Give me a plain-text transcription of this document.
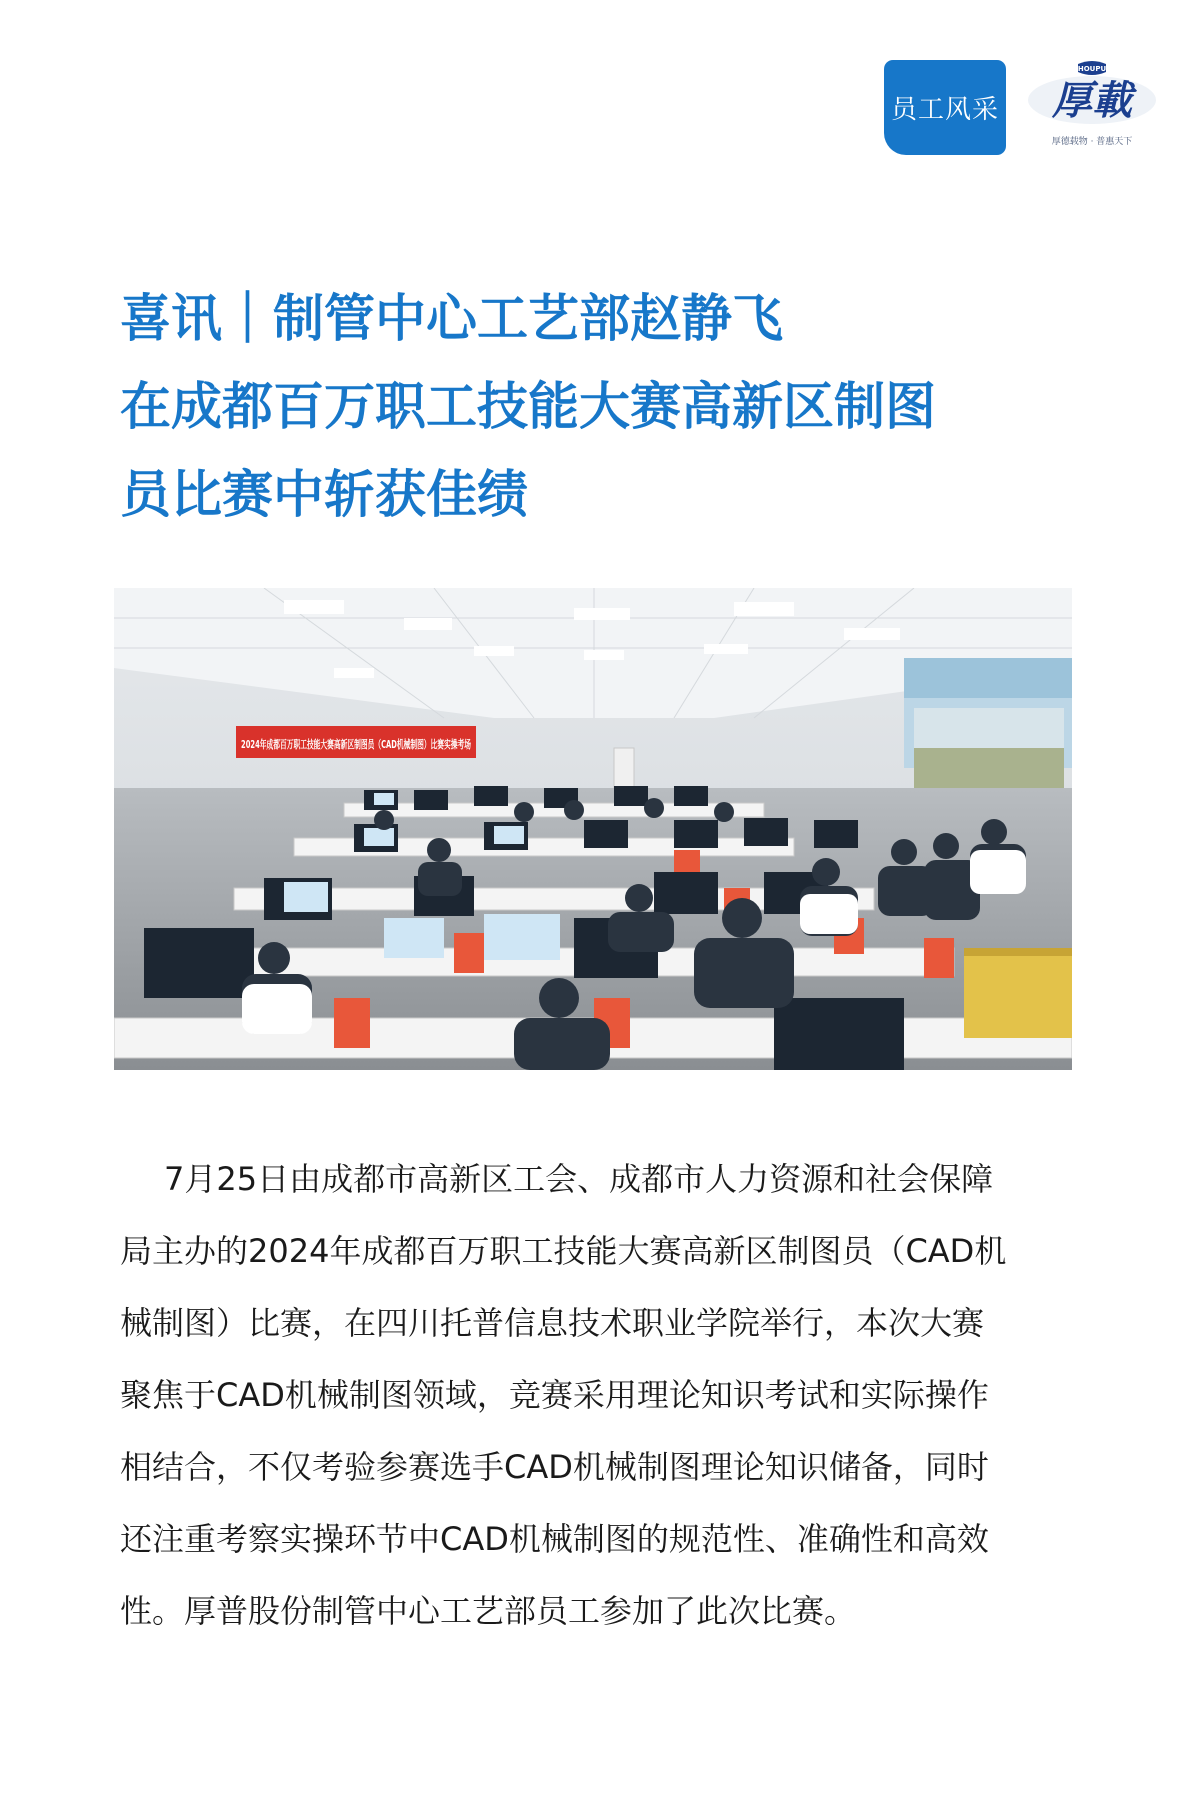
员工风采
HOUPU
厚載
厚德载物 · 普惠天下
喜讯｜制管中心工艺部赵静飞
在成都百万职工技能大赛高新区制图
员比赛中斩获佳绩
2024年成都百万职工技能大赛高新区制图员（CAD机械制图）比赛实操考场

7月25日由成都市高新区工会、成都市人力资源和社会保障
局主办的2024年成都百万职工技能大赛高新区制图员（CAD机
械制图）比赛，在四川托普信息技术职业学院举行，本次大赛
聚焦于CAD机械制图领域，竞赛采用理论知识考试和实际操作
相结合，不仅考验参赛选手CAD机械制图理论知识储备，同时
还注重考察实操环节中CAD机械制图的规范性、准确性和高效
性。厚普股份制管中心工艺部员工参加了此次比赛。
